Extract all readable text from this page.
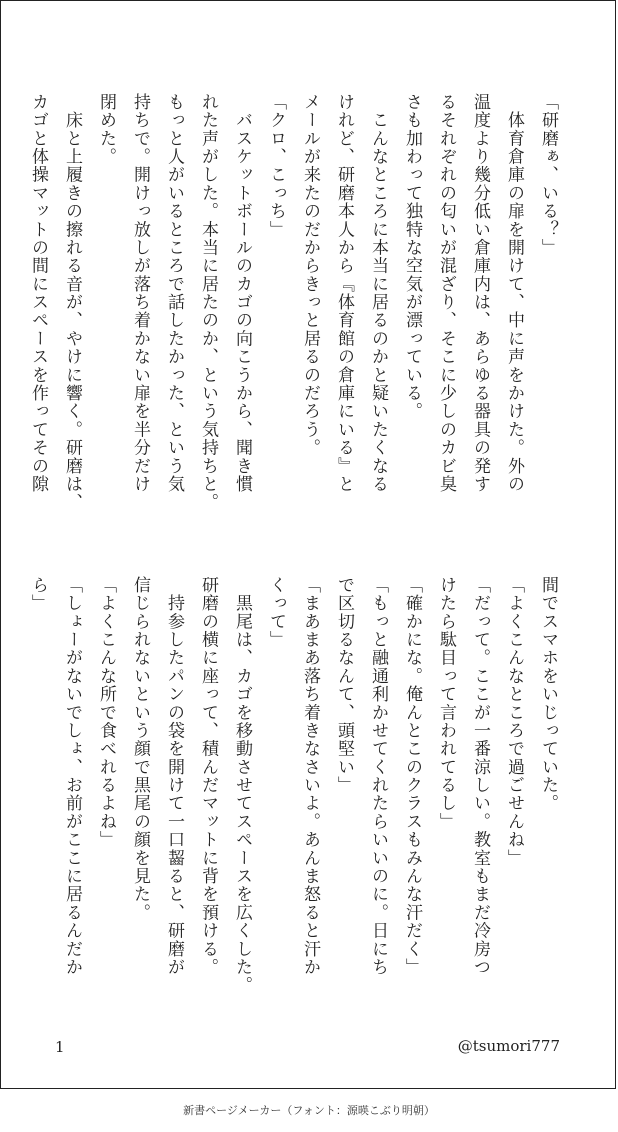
「研磨ぁ、いる？」

　体育倉庫の扉を開けて、中に声をかけた。外の

温度より幾分低い倉庫内は、あらゆる器具の発す

るそれぞれの匂いが混ざり、そこに少しのカビ臭

さも加わって独特な空気が漂っている。

　こんなところに本当に居るのかと疑いたくなる

けれど、研磨本人から『体育館の倉庫にいる』と

メールが来たのだからきっと居るのだろう。

「クロ、こっち」

　バスケットボールのカゴの向こうから、聞き慣

れた声がした。本当に居たのか、という気持ちと。

もっと人がいるところで話したかった、という気

持ちで。開けっ放しが落ち着かない扉を半分だけ

閉めた。

　床と上履きの擦れる音が、やけに響く。研磨は、

カゴと体操マットの間にスペースを作ってその隙

間でスマホをいじっていた。

「よくこんなところで過ごせんね」

「だって。ここが一番涼しい。教室もまだ冷房つ

けたら駄目って言われてるし」

「確かにな。俺んとこのクラスもみんな汗だく」

「もっと融通利かせてくれたらいいのに。日にち

で区切るなんて、頭堅い」

「まあまあ落ち着きなさいよ。あんま怒ると汗か

くって」

　黒尾は、カゴを移動させてスペースを広くした。

研磨の横に座って、積んだマットに背を預ける。

　持参したパンの袋を開けて一口齧ると、研磨が

信じられないという顔で黒尾の顔を見た。

「よくこんな所で食べれるよね」

「しょーがないでしょ、お前がここに居るんだか

ら」

1	@tsumori777
新書ページメーカー（フォント：源暎こぶり明朝）
